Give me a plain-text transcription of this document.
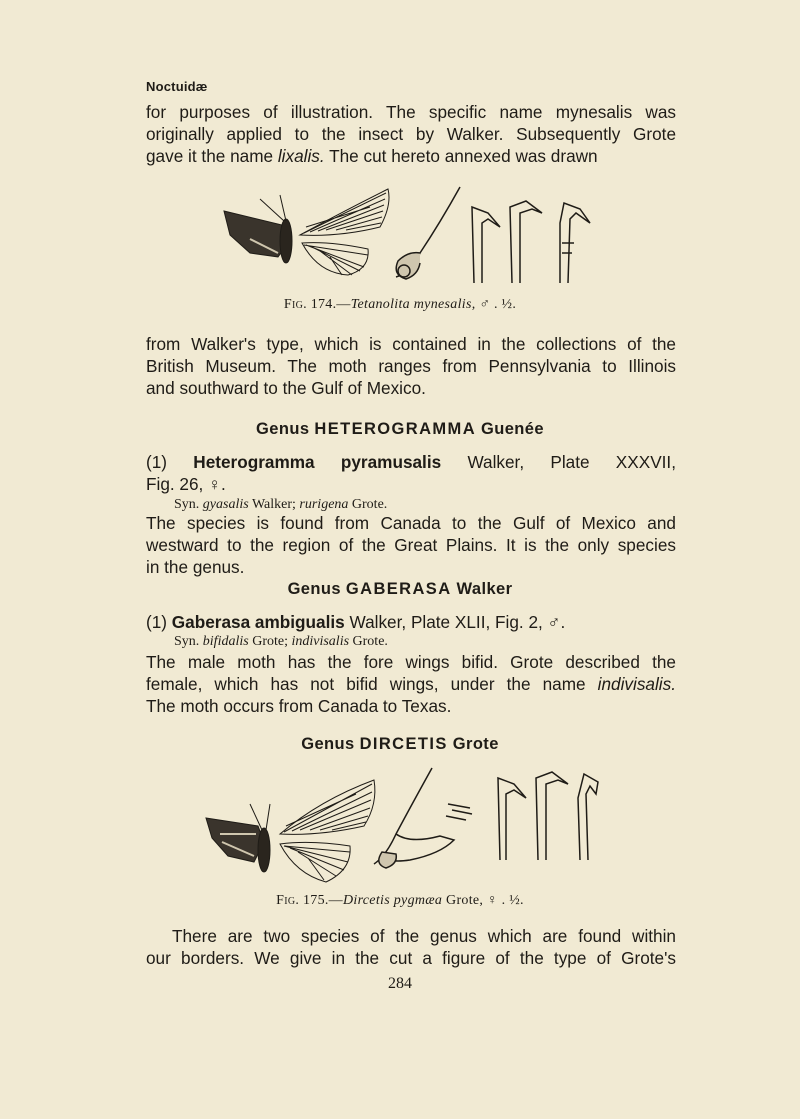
Noctuidæ
for purposes of illustration. The specific name mynesalis was
originally applied to the insect by Walker. Subsequently Grote
gave it the name lixalis. The cut hereto annexed was drawn
Fig. 174.—Tetanolita mynesalis, ♂ . ½.
from Walker's type, which is contained in the collections of the
British Museum. The moth ranges from Pennsylvania to Illinois
and southward to the Gulf of Mexico.
Genus HETEROGRAMMA Guenée
(1) Heterogramma pyramusalis Walker, Plate XXXVII,
Fig. 26, ♀.
Syn. gyasalis Walker; rurigena Grote.
The species is found from Canada to the Gulf of Mexico and
westward to the region of the Great Plains. It is the only species
in the genus.
Genus GABERASA Walker
(1) Gaberasa ambigualis Walker, Plate XLII, Fig. 2, ♂.
Syn. bifidalis Grote; indivisalis Grote.
The male moth has the fore wings bifid. Grote described the
female, which has not bifid wings, under the name indivisalis.
The moth occurs from Canada to Texas.
Genus DIRCETIS Grote
Fig. 175.—Dircetis pygmæa Grote, ♀ . ½.
There are two species of the genus which are found within
our borders. We give in the cut a figure of the type of Grote's
284
